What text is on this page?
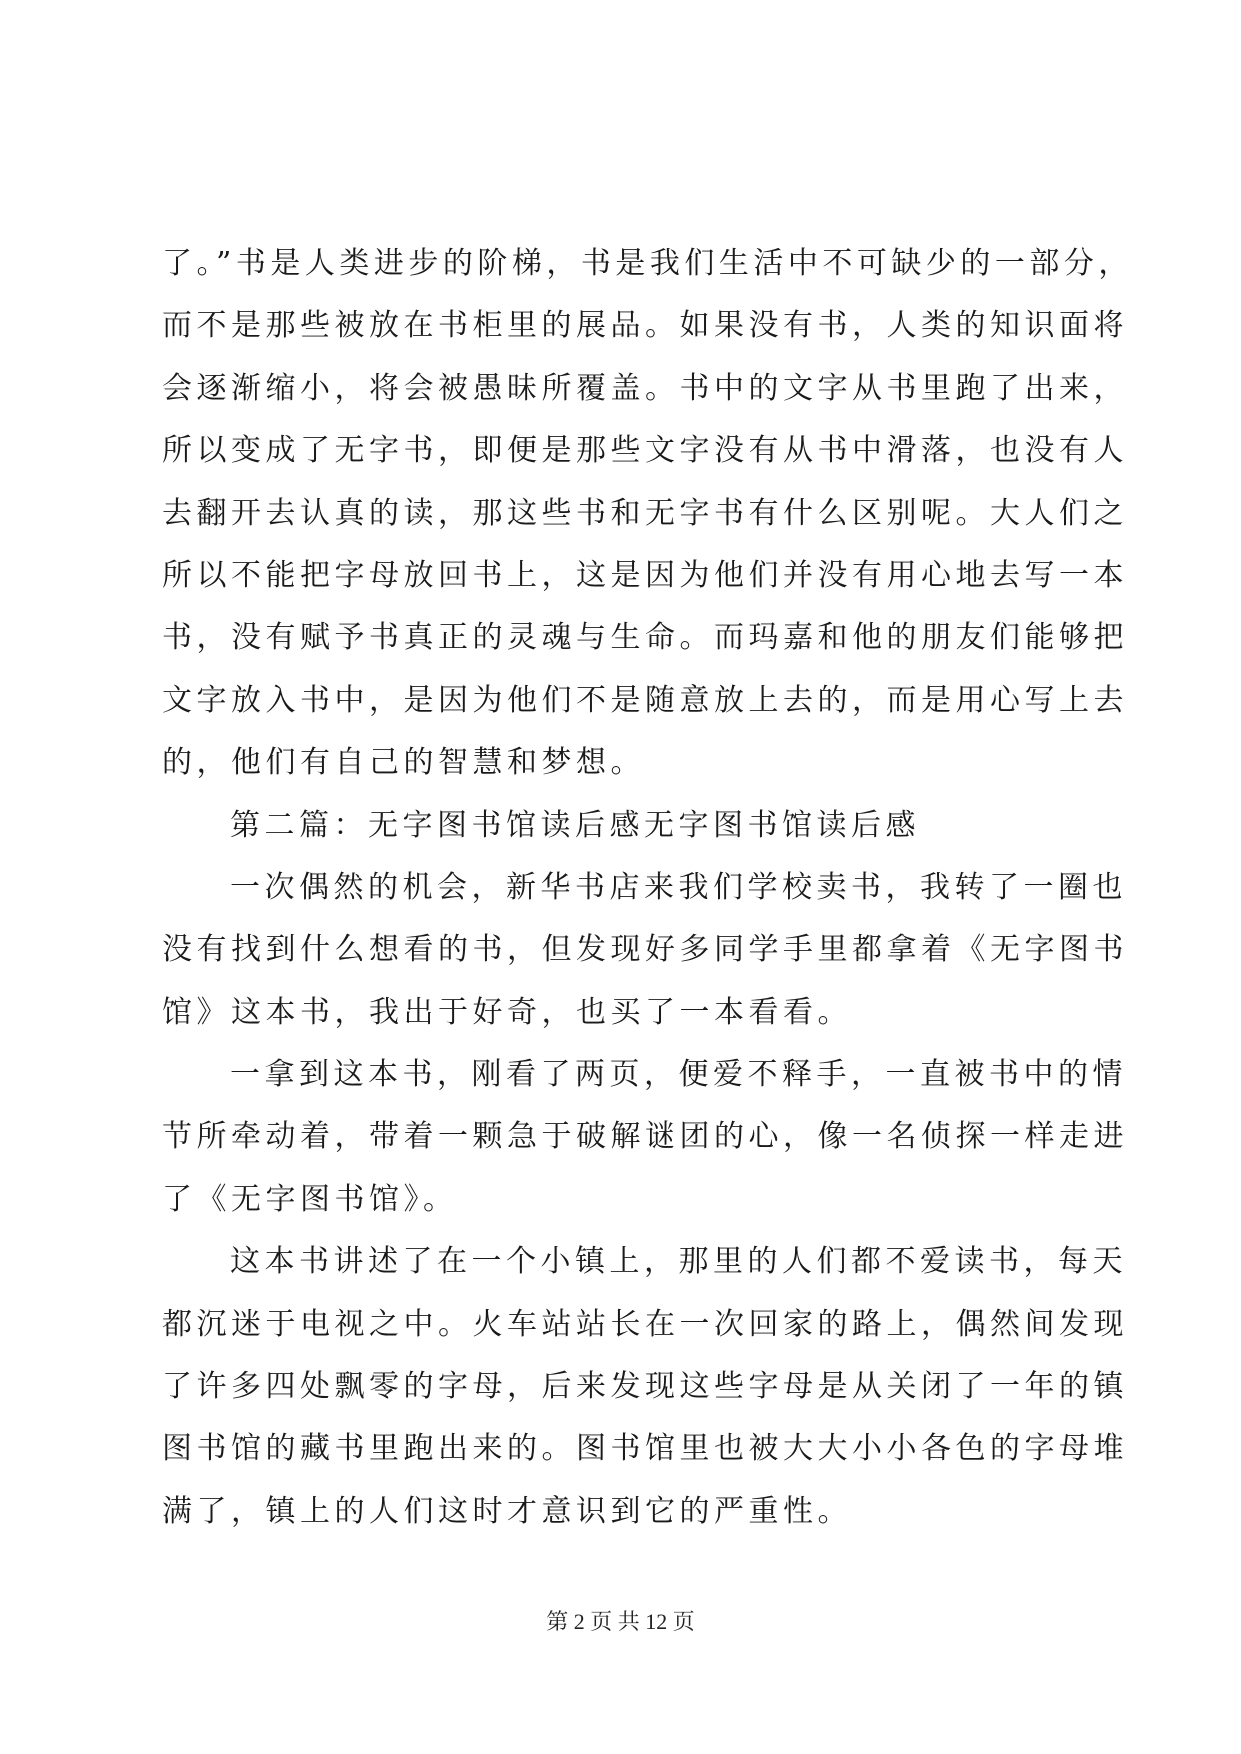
了。”书是人类进步的阶梯，书是我们生活中不可缺少的一部分，
而不是那些被放在书柜里的展品。如果没有书，人类的知识面将
会逐渐缩小，将会被愚昧所覆盖。书中的文字从书里跑了出来，
所以变成了无字书，即便是那些文字没有从书中滑落，也没有人
去翻开去认真的读，那这些书和无字书有什么区别呢。大人们之
所以不能把字母放回书上，这是因为他们并没有用心地去写一本
书，没有赋予书真正的灵魂与生命。而玛嘉和他的朋友们能够把
文字放入书中，是因为他们不是随意放上去的，而是用心写上去
的，他们有自己的智慧和梦想。
第二篇：无字图书馆读后感无字图书馆读后感
一次偶然的机会，新华书店来我们学校卖书，我转了一圈也
没有找到什么想看的书，但发现好多同学手里都拿着《无字图书
馆》这本书，我出于好奇，也买了一本看看。
一拿到这本书，刚看了两页，便爱不释手，一直被书中的情
节所牵动着，带着一颗急于破解谜团的心，像一名侦探一样走进
了《无字图书馆》。
这本书讲述了在一个小镇上，那里的人们都不爱读书，每天
都沉迷于电视之中。火车站站长在一次回家的路上，偶然间发现
了许多四处飘零的字母，后来发现这些字母是从关闭了一年的镇
图书馆的藏书里跑出来的。图书馆里也被大大小小各色的字母堆
满了，镇上的人们这时才意识到它的严重性。
第 2 页 共 12 页
